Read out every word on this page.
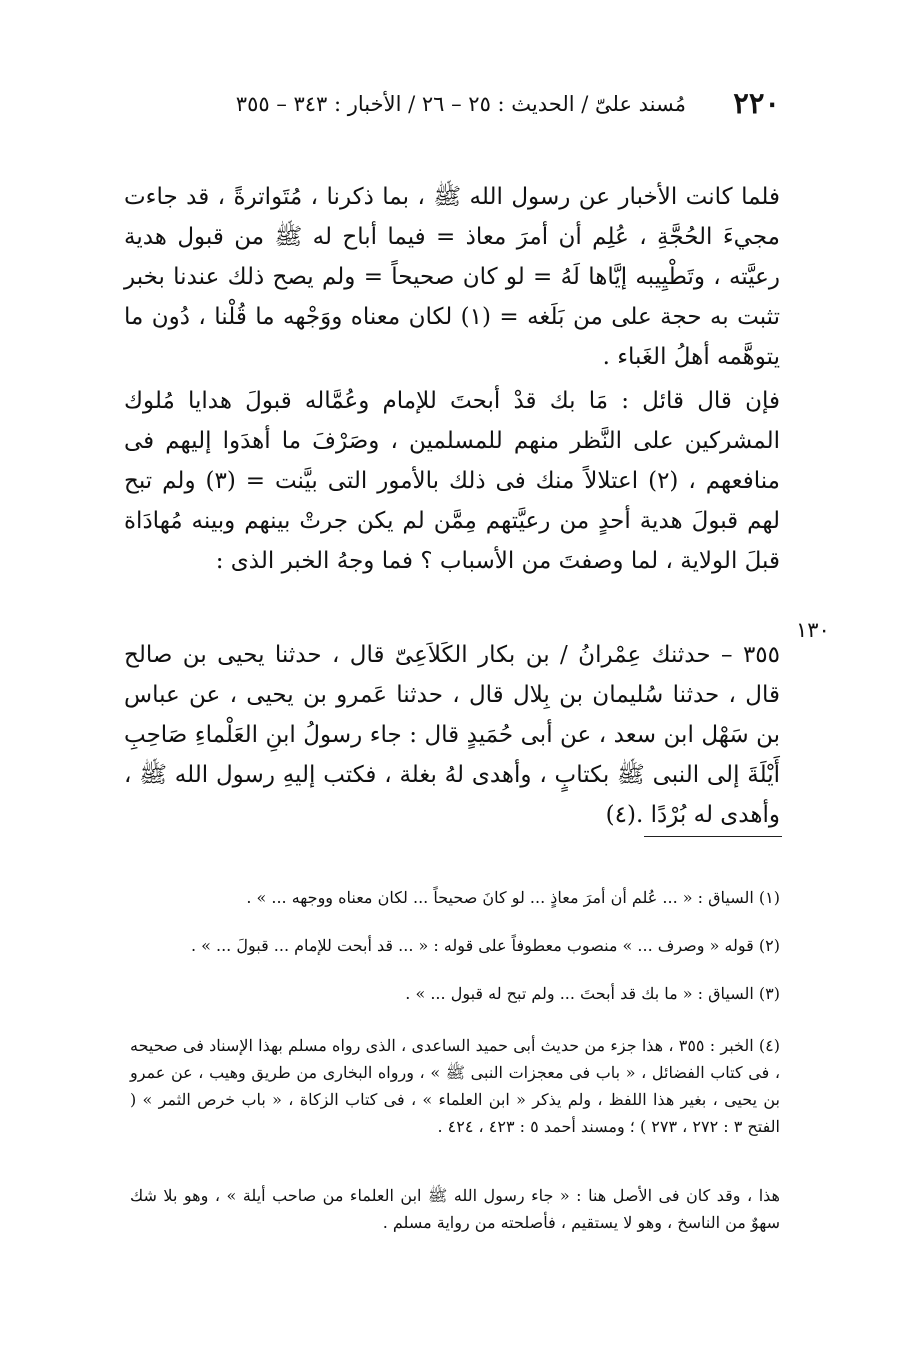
٢٢٠
مُسند علىّ / الحديث : ٢٥ – ٢٦ / الأخبار : ٣٤٣ – ٣٥٥

فلما كانت الأخبار عن رسول الله ﷺ ، بما ذكرنا ، مُتَواترةً ، قد جاءت مجيءَ الحُجَّةِ ، عُلِم أن أمرَ معاذ = فيما أباح له ﷺ من قبول هدية رعيَّته ، وتَطْيِيبه إيَّاها لَهُ = لو كان صحيحاً = ولم يصح ذلك عندنا بخبر تثبت به حجة على من بَلَغه = (١) لكان معناه ووَجْهه ما قُلْنا ، دُون ما يتوهَّمه أهلُ الغَباء .

فإن قال قائل : مَا بك قدْ أبحتَ للإمام وعُمَّاله قبولَ هدايا مُلوك المشركين على النَّظر منهم للمسلمين ، وصَرْفَ ما أهدَوا إليهم فى منافعهم ، (٢) اعتلالاً منك فى ذلك بالأمور التى بيَّنت = (٣) ولم تبح لهم قبولَ هدية أحدٍ من رعيَّتهم مِمَّن لم يكن جرتْ بينهم وبينه مُهادَاة قبلَ الولاية ، لما وصفتَ من الأسباب ؟ فما وجهُ الخبر الذى :

٣٥٥ – حدثنك عِمْرانُ / بن بكار الكَلاَعِىّ قال ، حدثنا يحيى بن صالح قال ، حدثنا سُليمان بن بِلال قال ، حدثنا عَمرو بن يحيى ، عن عباس بن سَهْل ابن سعد ، عن أبى حُمَيدٍ قال : جاء رسولُ ابنِ العَلْماءِ صَاحِبِ أَيْلَةَ إلى النبى ﷺ بكتابٍ ، وأهدى لهُ بغلة ، فكتب إليهِ رسول الله ﷺ ، وأهدى له بُرْدًا .(٤)

١٣٠

(١) السياق : « ... عُلم أن أمرَ معاذٍ ... لو كانَ صحيحاً ... لكان معناه ووجهه ... » .

(٢) قوله « وصرف ... » منصوب معطوفاً على قوله : « ... قد أبحت للإمام ... قبولَ ... » .

(٣) السياق : « ما بك قد أبحتَ ... ولم تبح له قبول ... » .

(٤) الخبر : ٣٥٥ ، هذا جزء من حديث أبى حميد الساعدى ، الذى رواه مسلم بهذا الإسناد فى صحيحه ، فى كتاب الفضائل ، « باب فى معجزات النبى ﷺ » ، ورواه البخارى من طريق وهيب ، عن عمرو بن يحيى ، بغير هذا اللفظ ، ولم يذكر « ابن العلماء » ، فى كتاب الزكاة ، « باب خرص الثمر » ( الفتح ٣ : ٢٧٢ ، ٢٧٣ ) ؛ ومسند أحمد ٥ : ٤٢٣ ، ٤٢٤ .

هذا ، وقد كان فى الأصل هنا : « جاء رسول الله ﷺ ابن العلماء من صاحب أيلة » ، وهو بلا شك سهوٌ من الناسخ ، وهو لا يستقيم ، فأصلحته من رواية مسلم .
